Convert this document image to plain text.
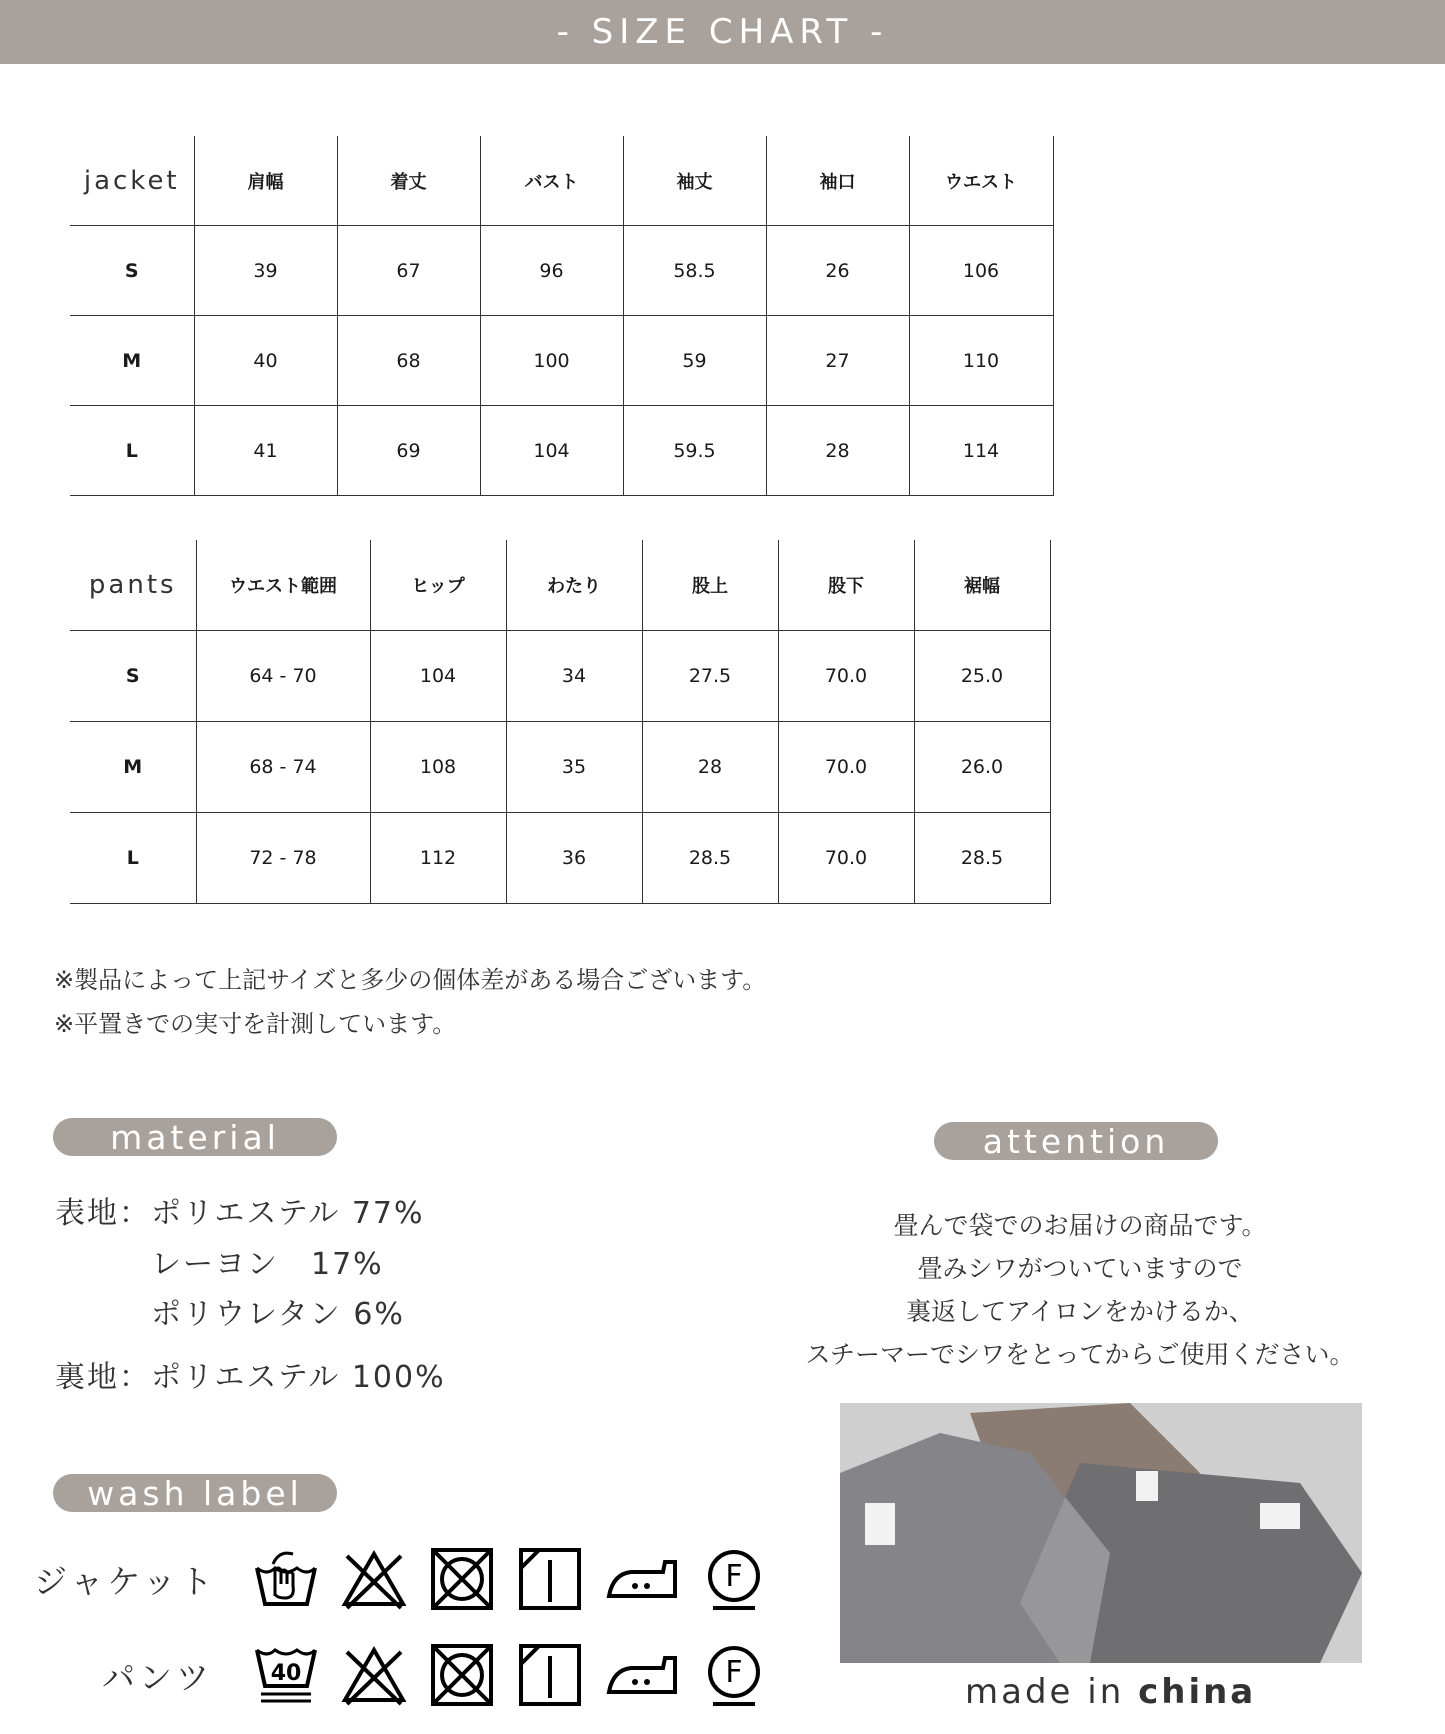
- SIZE CHART -
jacket	肩幅	着丈	バスト	袖丈	袖口	ウエスト
S	39	67	96	58.5	26	106
M	40	68	100	59	27	110
L	41	69	104	59.5	28	114
pants	ウエスト範囲	ヒップ	わたり	股上	股下	裾幅
S	64 - 70	104	34	27.5	70.0	25.0
M	68 - 74	108	35	28	70.0	26.0
L	72 - 78	112	36	28.5	70.0	28.5
※製品によって上記サイズと多少の個体差がある場合ございます。
※平置きでの実寸を計測しています。
material
表地：ポリエステル 77%
レーヨン　17%
ポリウレタン 6%
裏地：ポリエステル 100%
attention
畳んで袋でのお届けの商品です。
畳みシワがついていますので
裏返してアイロンをかけるか、
スチーマーでシワをとってからご使用ください。
made in china
wash label
ジャケット
パンツ
F
40	F
